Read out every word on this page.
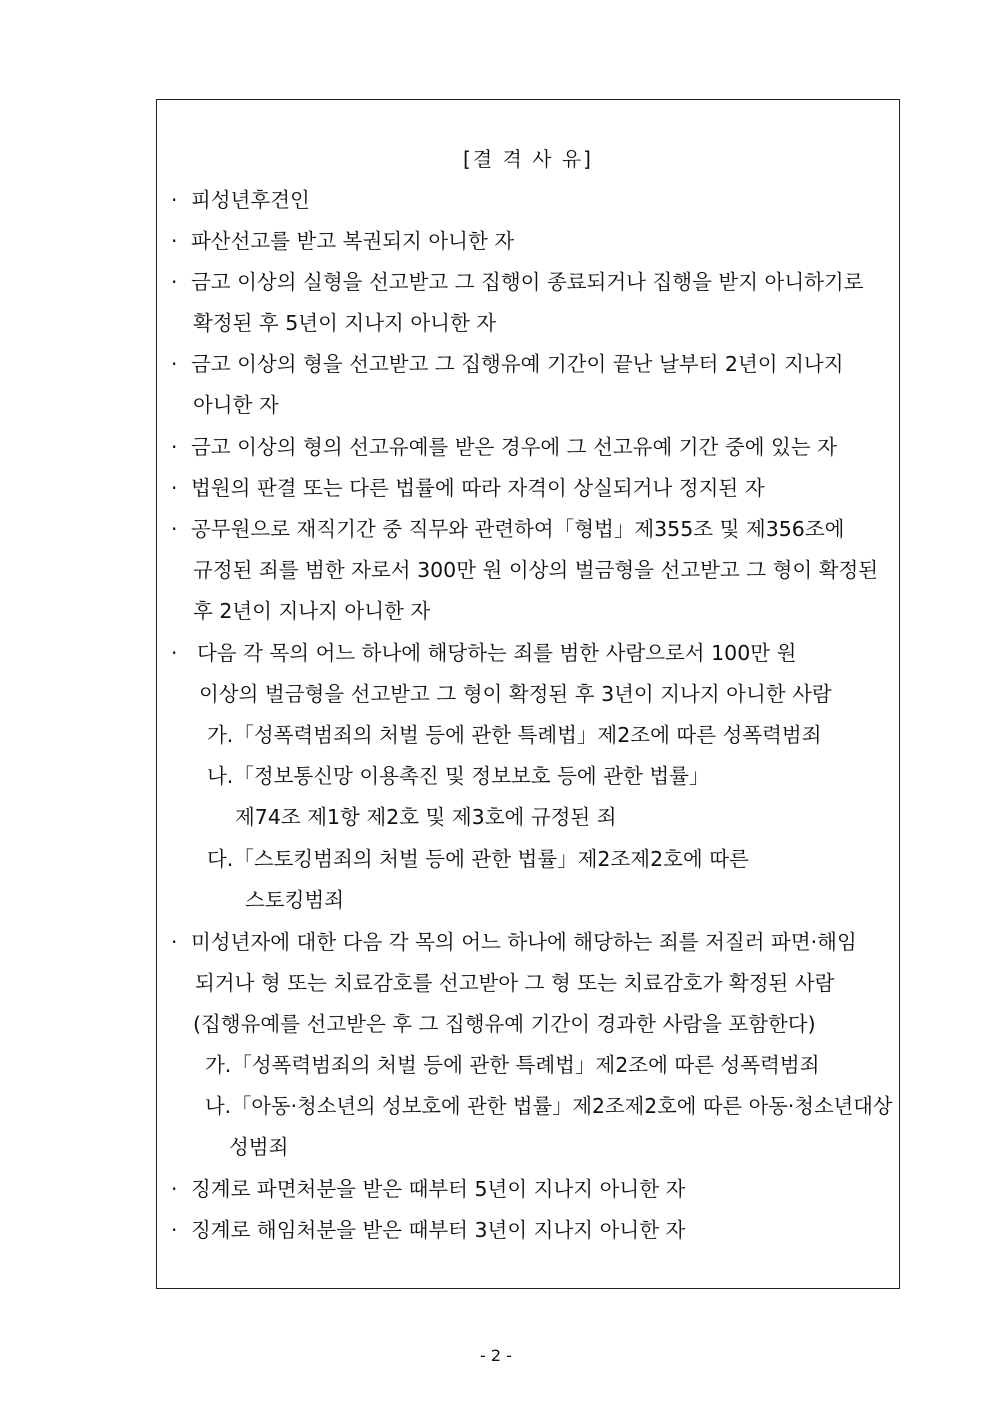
[결 격 사 유]
·
·
·
·
·
·
·
·
·
·
·
피성년후견인
파산선고를 받고 복권되지 아니한 자
금고 이상의 실형을 선고받고 그 집행이 종료되거나 집행을 받지 아니하기로
확정된 후 5년이 지나지 아니한 자
금고 이상의 형을 선고받고 그 집행유예 기간이 끝난 날부터 2년이 지나지
아니한 자
금고 이상의 형의 선고유예를 받은 경우에 그 선고유예 기간 중에 있는 자
법원의 판결 또는 다른 법률에 따라 자격이 상실되거나 정지된 자
공무원으로 재직기간 중 직무와 관련하여「형법」제355조 및 제356조에
규정된 죄를 범한 자로서 300만 원 이상의 벌금형을 선고받고 그 형이 확정된
후 2년이 지나지 아니한 자
다음 각 목의 어느 하나에 해당하는 죄를 범한 사람으로서 100만 원
이상의 벌금형을 선고받고 그 형이 확정된 후 3년이 지나지 아니한 사람
가.「성폭력범죄의 처벌 등에 관한 특례법」제2조에 따른 성폭력범죄
나.「정보통신망 이용촉진 및 정보보호 등에 관한 법률」
제74조 제1항 제2호 및 제3호에 규정된 죄
다.「스토킹범죄의 처벌 등에 관한 법률」제2조제2호에 따른
스토킹범죄
미성년자에 대한 다음 각 목의 어느 하나에 해당하는 죄를 저질러 파면·해임
되거나 형 또는 치료감호를 선고받아 그 형 또는 치료감호가 확정된 사람
(집행유예를 선고받은 후 그 집행유예 기간이 경과한 사람을 포함한다)
가.「성폭력범죄의 처벌 등에 관한 특례법」제2조에 따른 성폭력범죄
나.「아동·청소년의 성보호에 관한 법률」제2조제2호에 따른 아동·청소년대상
성범죄
징계로 파면처분을 받은 때부터 5년이 지나지 아니한 자
징계로 해임처분을 받은 때부터 3년이 지나지 아니한 자
- 2 -
